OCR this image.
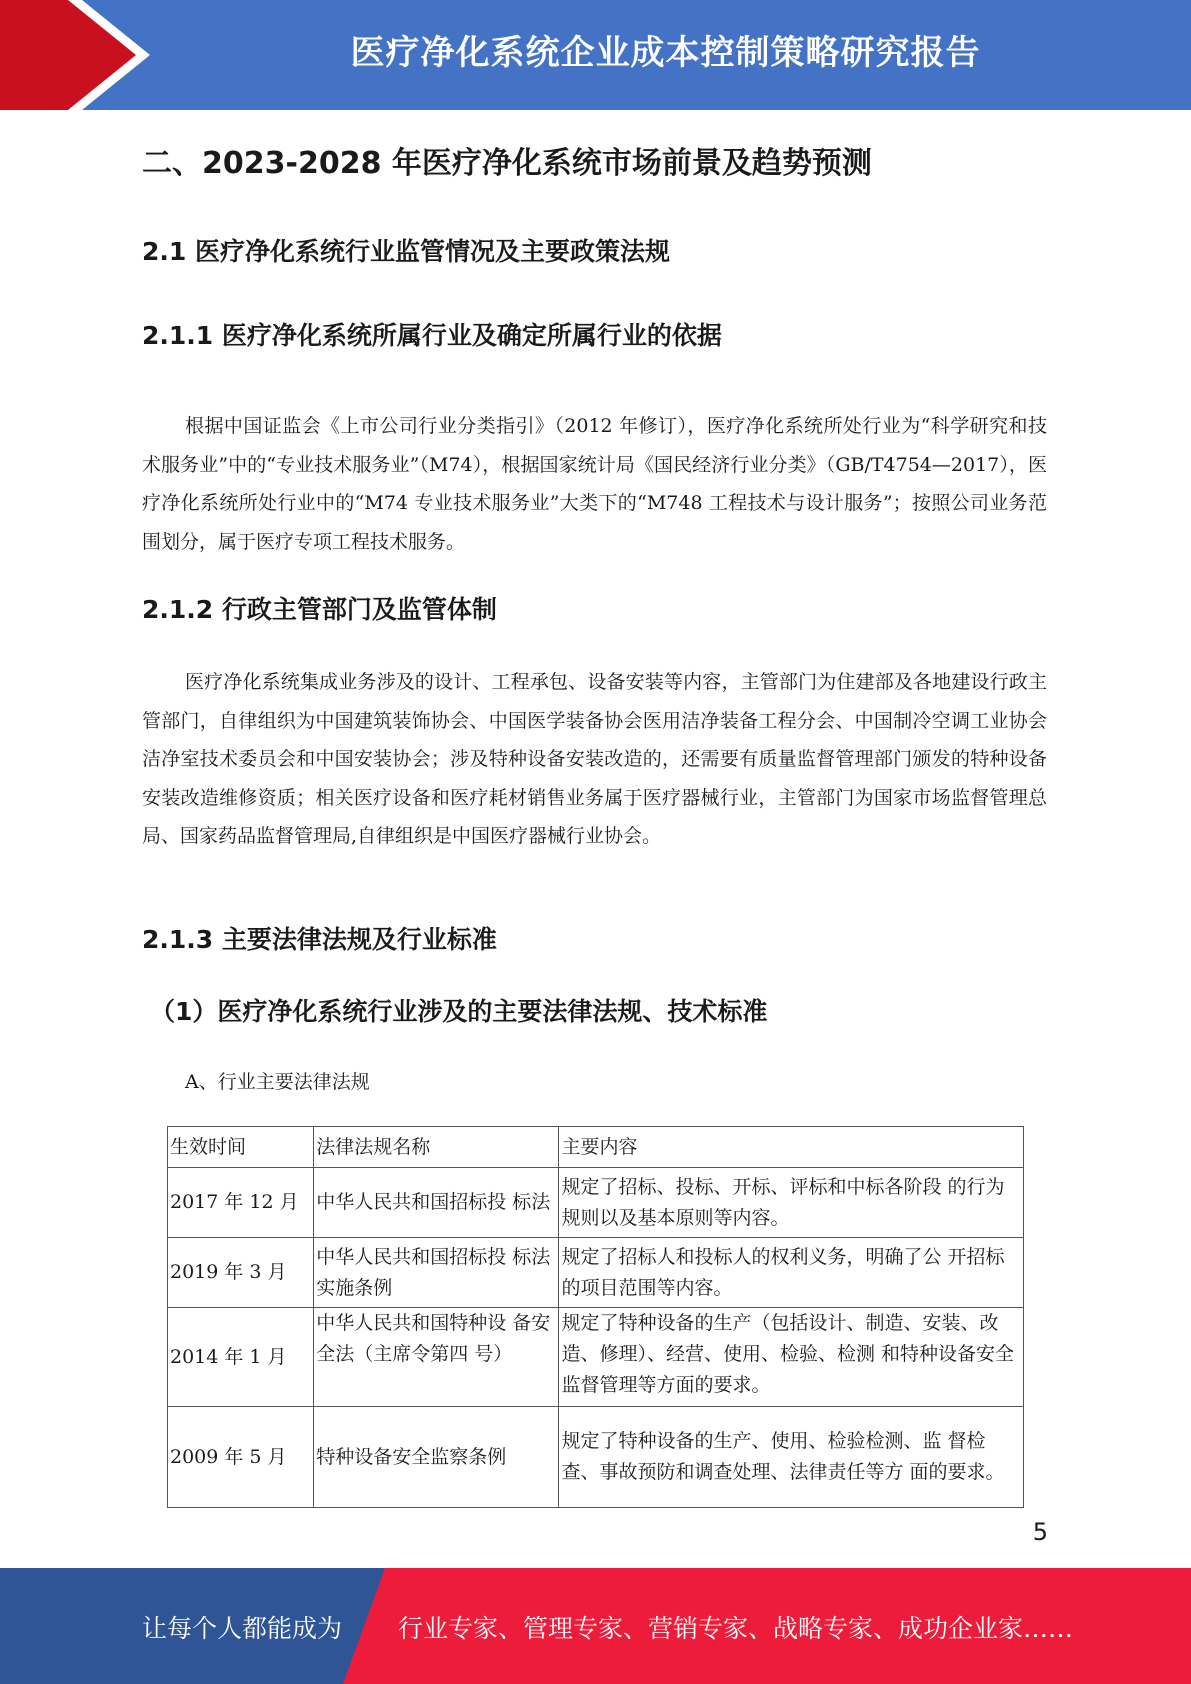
医疗净化系统企业成本控制策略研究报告
二、2023-2028 年医疗净化系统市场前景及趋势预测
2.1 医疗净化系统行业监管情况及主要政策法规
2.1.1 医疗净化系统所属行业及确定所属行业的依据

根据中国证监会《上市公司行业分类指引》（2012 年修订），医疗净化系统所处行业为“科学研究和技术服务业”中的“专业技术服务业”（M74），根据国家统计局《国民经济行业分类》（GB/T4754—2017），医疗净化系统所处行业中的“M74 专业技术服务业”大类下的“M748 工程技术与设计服务”；按照公司业务范围划分，属于医疗专项工程技术服务。

2.1.2 行政主管部门及监管体制

医疗净化系统集成业务涉及的设计、工程承包、设备安装等内容，主管部门为住建部及各地建设行政主管部门，自律组织为中国建筑装饰协会、中国医学装备协会医用洁净装备工程分会、中国制冷空调工业协会洁净室技术委员会和中国安装协会；涉及特种设备安装改造的，还需要有质量监督管理部门颁发的特种设备安装改造维修资质；相关医疗设备和医疗耗材销售业务属于医疗器械行业，主管部门为国家市场监督管理总局、国家药品监督管理局,自律组织是中国医疗器械行业协会。

2.1.3 主要法律法规及行业标准
（1）医疗净化系统行业涉及的主要法律法规、技术标准

A、行业主要法律法规

生效时间	法律法规名称	主要内容
2017 年 12 月	中华人民共和国招标投 标法	规定了招标、投标、开标、评标和中标各阶段 的行为规则以及基本原则等内容。
2019 年 3 月	中华人民共和国招标投 标法实施条例	规定了招标人和投标人的权利义务，明确了公 开招标的项目范围等内容。
2014 年 1 月	中华人民共和国特种设 备安全法（主席令第四 号）	规定了特种设备的生产（包括设计、制造、安装、改造、修理）、经营、使用、检验、检测 和特种设备安全监督管理等方面的要求。
2009 年 5 月	特种设备安全监察条例	规定了特种设备的生产、使用、检验检测、监 督检查、事故预防和调查处理、法律责任等方 面的要求。
5
让每个人都能成为 行业专家、管理专家、营销专家、战略专家、成功企业家……
